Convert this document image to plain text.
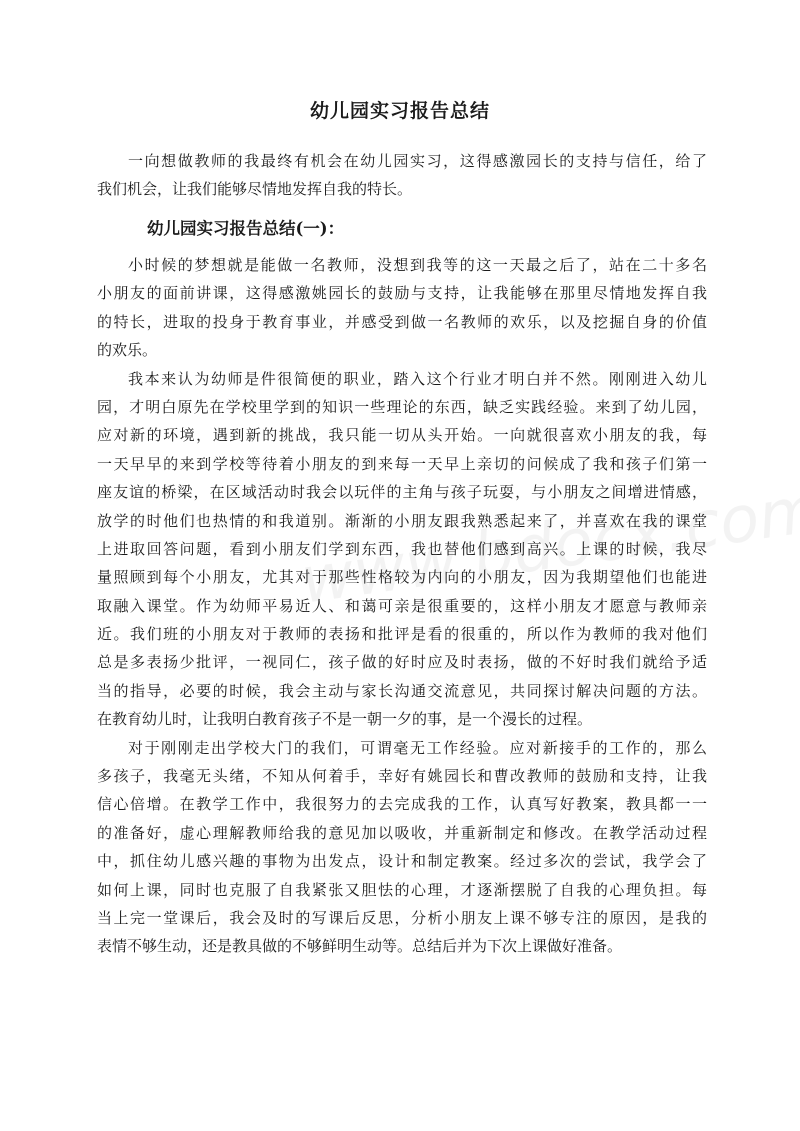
幼儿园实习报告总结
一向想做教师的我最终有机会在幼儿园实习，这得感激园长的支持与信任，给了
我们机会，让我们能够尽情地发挥自我的特长。
幼儿园实习报告总结(一)：
小时候的梦想就是能做一名教师，没想到我等的这一天最之后了，站在二十多名
小朋友的面前讲课，这得感激姚园长的鼓励与支持，让我能够在那里尽情地发挥自我
的特长，进取的投身于教育事业，并感受到做一名教师的欢乐，以及挖掘自身的价值
的欢乐。
我本来认为幼师是件很简便的职业，踏入这个行业才明白并不然。刚刚进入幼儿
园，才明白原先在学校里学到的知识一些理论的东西，缺乏实践经验。来到了幼儿园，
应对新的环境，遇到新的挑战，我只能一切从头开始。一向就很喜欢小朋友的我，每
一天早早的来到学校等待着小朋友的到来每一天早上亲切的问候成了我和孩子们第一
座友谊的桥梁，在区域活动时我会以玩伴的主角与孩子玩耍，与小朋友之间增进情感，
放学的时他们也热情的和我道别。渐渐的小朋友跟我熟悉起来了，并喜欢在我的课堂
上进取回答问题，看到小朋友们学到东西，我也替他们感到高兴。上课的时候，我尽
量照顾到每个小朋友，尤其对于那些性格较为内向的小朋友，因为我期望他们也能进
取融入课堂。作为幼师平易近人、和蔼可亲是很重要的，这样小朋友才愿意与教师亲
近。我们班的小朋友对于教师的表扬和批评是看的很重的，所以作为教师的我对他们
总是多表扬少批评，一视同仁，孩子做的好时应及时表扬，做的不好时我们就给予适
当的指导，必要的时候，我会主动与家长沟通交流意见，共同探讨解决问题的方法。
在教育幼儿时，让我明白教育孩子不是一朝一夕的事，是一个漫长的过程。
对于刚刚走出学校大门的我们，可谓毫无工作经验。应对新接手的工作的，那么
多孩子，我毫无头绪，不知从何着手，幸好有姚园长和曹改教师的鼓励和支持，让我
信心倍增。在教学工作中，我很努力的去完成我的工作，认真写好教案，教具都一一
的准备好，虚心理解教师给我的意见加以吸收，并重新制定和修改。在教学活动过程
中，抓住幼儿感兴趣的事物为出发点，设计和制定教案。经过多次的尝试，我学会了
如何上课，同时也克服了自我紧张又胆怯的心理，才逐渐摆脱了自我的心理负担。每
当上完一堂课后，我会及时的写课后反思，分析小朋友上课不够专注的原因，是我的
表情不够生动，还是教具做的不够鲜明生动等。总结后并为下次上课做好准备。
